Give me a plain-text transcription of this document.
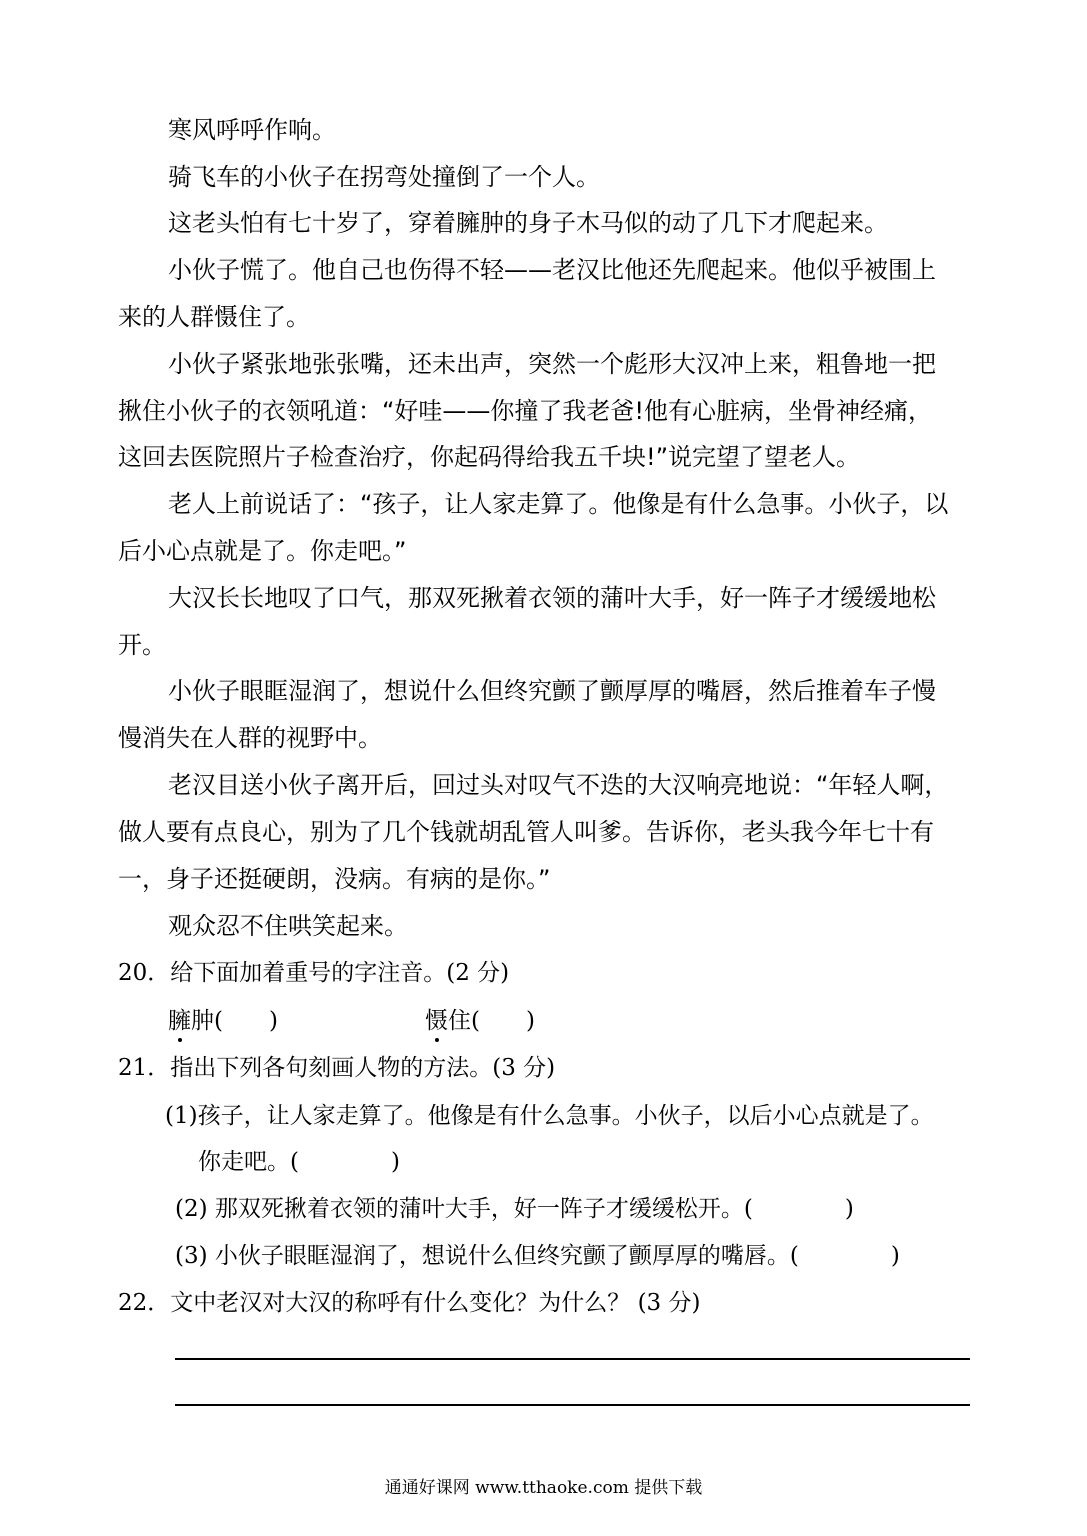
寒风呼呼作响。
骑飞车的小伙子在拐弯处撞倒了一个人。
这老头怕有七十岁了，穿着臃肿的身子木马似的动了几下才爬起来。
小伙子慌了。他自己也伤得不轻——老汉比他还先爬起来。他似乎被围上
来的人群慑住了。
小伙子紧张地张张嘴，还未出声，突然一个彪形大汉冲上来，粗鲁地一把
揪住小伙子的衣领吼道：“好哇——你撞了我老爸!他有心脏病，坐骨神经痛，
这回去医院照片子检查治疗，你起码得给我五千块!”说完望了望老人。
老人上前说话了：“孩子，让人家走算了。他像是有什么急事。小伙子，以
后小心点就是了。你走吧。”
大汉长长地叹了口气，那双死揪着衣领的蒲叶大手，好一阵子才缓缓地松
开。
小伙子眼眶湿润了，想说什么但终究颤了颤厚厚的嘴唇，然后推着车子慢
慢消失在人群的视野中。
老汉目送小伙子离开后，回过头对叹气不迭的大汉响亮地说：“年轻人啊，
做人要有点良心，别为了几个钱就胡乱管人叫爹。告诉你，老头我今年七十有
一，身子还挺硬朗，没病。有病的是你。”
观众忍不住哄笑起来。
20．给下面加着重号的字注音。(2 分)
臃肿(　　)	慑住(　　)
21．指出下列各句刻画人物的方法。(3 分)
(1)孩子，让人家走算了。他像是有什么急事。小伙子，以后小心点就是了。
你走吧。(　　　　)
(2) 那双死揪着衣领的蒲叶大手，好一阵子才缓缓松开。(　　　　)
(3) 小伙子眼眶湿润了，想说什么但终究颤了颤厚厚的嘴唇。(　　　　)
22．文中老汉对大汉的称呼有什么变化？为什么？ (3 分)
通通好课网 www.tthaoke.com 提供下载
